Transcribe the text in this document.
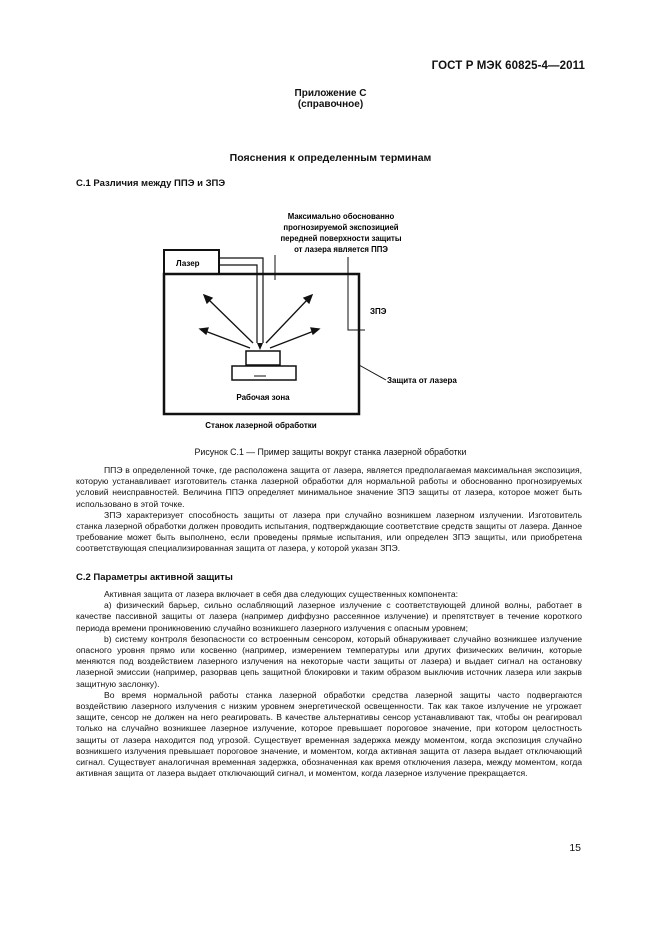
ГОСТ Р МЭК 60825-4—2011
Приложение С
(справочное)
Пояснения к определенным терминам
С.1 Различия между ППЭ и ЗПЭ
Максимально обоснованно
прогнозируемой экспозицией
передней поверхности защиты
от лазера является ППЭ
Лазер
ЗПЭ
Защита от лазера
Рабочая зона
Станок лазерной обработки
Рисунок С.1 — Пример защиты вокруг станка лазерной обработки

ППЭ в определенной точке, где расположена защита от лазера, является предполагаемая максимальная экспозиция, которую устанавливает изготовитель станка лазерной обработки для нормальной работы и обоснованно прогнозируемых условий неисправностей. Величина ППЭ определяет минимальное значение ЗПЭ защиты от лазера, которое может быть использовано в этой точке.

ЗПЭ характеризует способность защиты от лазера при случайно возникшем лазерном излучении. Изготовитель станка лазерной обработки должен проводить испытания, подтверждающие соответствие средств защиты от лазера. Данное требование может быть выполнено, если проведены прямые испытания, или определен ЗПЭ защиты, или приобретена соответствующая специализированная защита от лазера, у которой указан ЗПЭ.

С.2 Параметры активной защиты

Активная защита от лазера включает в себя два следующих существенных компонента:

а) физический барьер, сильно ослабляющий лазерное излучение с соответствующей длиной волны, работает в качестве пассивной защиты от лазера (например диффузно рассеянное излучение) и препятствует в течение короткого периода времени проникновению случайно возникшего лазерного излучения с опасным уровнем;

b) систему контроля безопасности со встроенным сенсором, который обнаруживает случайно возникшее излучение опасного уровня прямо или косвенно (например, измерением температуры или других физических величин, которые меняются под воздействием лазерного излучения на некоторые части защиты от лазера) и выдает сигнал на остановку лазерной эмиссии (например, разорвав цепь защитной блокировки и таким образом выключив источник лазера или закрыв защитную заслонку).

Во время нормальной работы станка лазерной обработки средства лазерной защиты часто подвергаются воздействию лазерного излучения с низким уровнем энергетической освещенности. Так как такое излучение не угрожает защите, сенсор не должен на него реагировать. В качестве альтернативы сенсор устанавливают так, чтобы он реагировал только на случайно возникшее лазерное излучение, которое превышает пороговое значение, при котором целостность защиты от лазера находится под угрозой. Существует временная задержка между моментом, когда экспозиция случайно возникшего излучения превышает пороговое значение, и моментом, когда активная защита от лазера выдает отключающий сигнал. Существует аналогичная временная задержка, обозначенная как время отключения лазера, между моментом, когда активная защита от лазера выдает отключающий сигнал, и моментом, когда лазерное излучение прекращается.

15
